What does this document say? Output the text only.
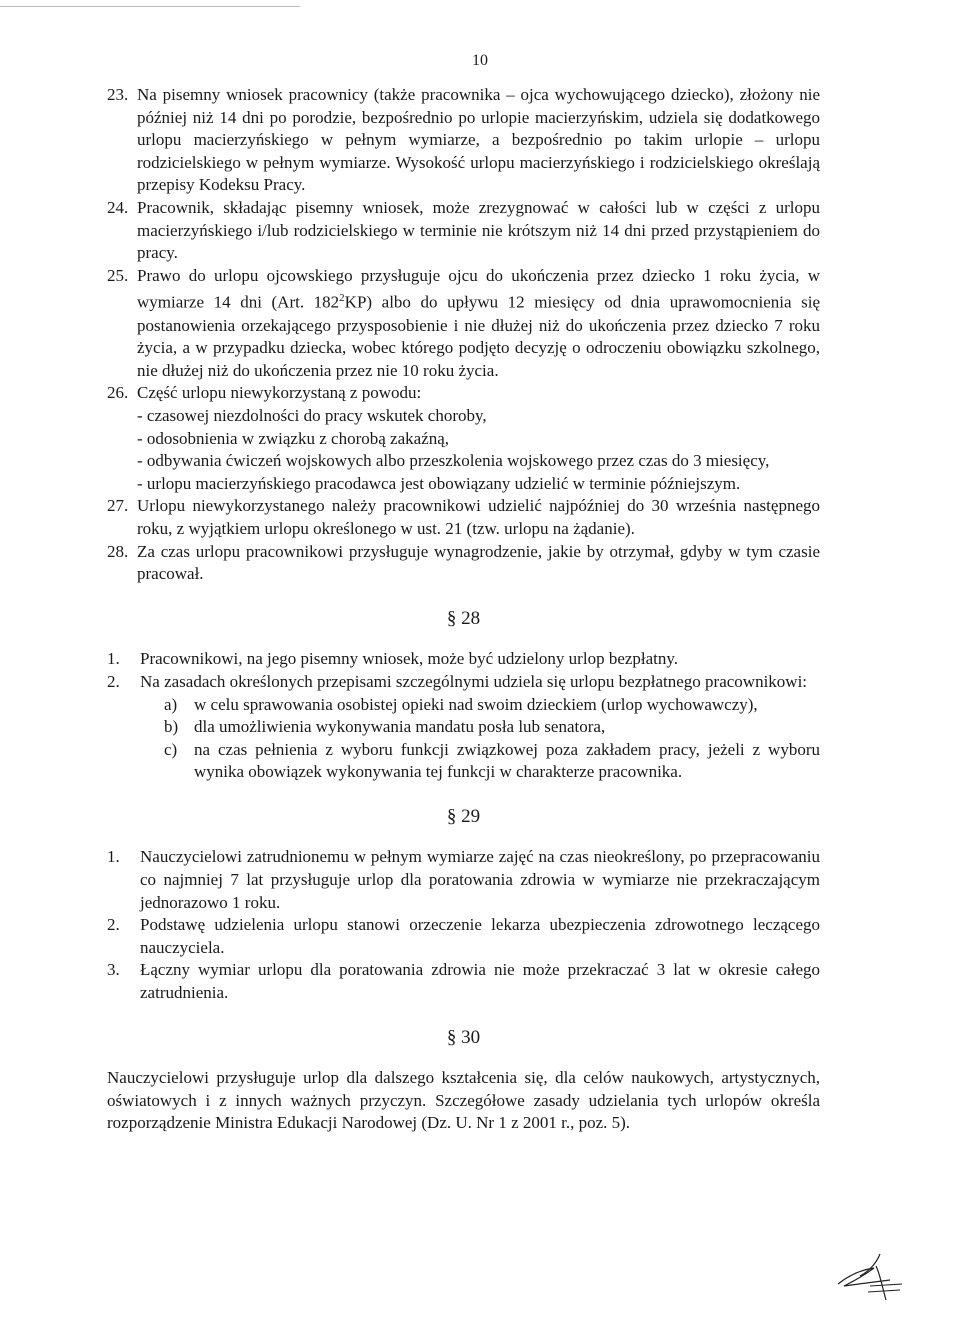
10
23. Na pisemny wniosek pracownicy (także pracownika – ojca wychowującego dziecko), złożony nie później niż 14 dni po porodzie, bezpośrednio po urlopie macierzyńskim, udziela się dodatkowego urlopu macierzyńskiego w pełnym wymiarze, a bezpośrednio po takim urlopie – urlopu rodzicielskiego w pełnym wymiarze. Wysokość urlopu macierzyńskiego i rodzicielskiego określają przepisy Kodeksu Pracy.
24. Pracownik, składając pisemny wniosek, może zrezygnować w całości lub w części z urlopu macierzyńskiego i/lub rodzicielskiego w terminie nie krótszym niż 14 dni przed przystąpieniem do pracy.
25. Prawo do urlopu ojcowskiego przysługuje ojcu do ukończenia przez dziecko 1 roku życia, w wymiarze 14 dni (Art. $182^2KP$) albo do upływu 12 miesięcy od dnia uprawomocnienia się postanowienia orzekającego przysposobienie i nie dłużej niż do ukończenia przez dziecko 7 roku życia, a w przypadku dziecka, wobec którego podjęto decyzję o odroczeniu obowiązku szkolnego, nie dłużej niż do ukończenia przez nie 10 roku życia.
26. Część urlopu niewykorzystaną z powodu:
- czasowej niezdolności do pracy wskutek choroby,
- odosobnienia w związku z chorobą zakaźną,
- odbywania ćwiczeń wojskowych albo przeszkolenia wojskowego przez czas do 3 miesięcy,
- urlopu macierzyńskiego pracodawca jest obowiązany udzielić w terminie późniejszym.
27. Urlopu niewykorzystanego należy pracownikowi udzielić najpóźniej do 30 września następnego roku, z wyjątkiem urlopu określonego w ust. 21 (tzw. urlopu na żądanie).
28. Za czas urlopu pracownikowi przysługuje wynagrodzenie, jakie by otrzymał, gdyby w tym czasie pracował.
§ 28
1.	Pracownikowi, na jego pisemny wniosek, może być udzielony urlop bezpłatny.
2.	Na zasadach określonych przepisami szczególnymi udziela się urlopu bezpłatnego pracownikowi:
a) w celu sprawowania osobistej opieki nad swoim dzieckiem (urlop wychowawczy),
b) dla umożliwienia wykonywania mandatu posła lub senatora,
c) na czas pełnienia z wyboru funkcji związkowej poza zakładem pracy, jeżeli z wyboru wynika obowiązek wykonywania tej funkcji w charakterze pracownika.
§ 29
1.	Nauczycielowi zatrudnionemu w pełnym wymiarze zajęć na czas nieokreślony, po przepracowaniu co najmniej 7 lat przysługuje urlop dla poratowania zdrowia w wymiarze nie przekraczającym jednorazowo 1 roku.
2.	Podstawę udzielenia urlopu stanowi orzeczenie lekarza ubezpieczenia zdrowotnego leczącego nauczyciela.
3.	Łączny wymiar urlopu dla poratowania zdrowia nie może przekraczać 3 lat w okresie całego zatrudnienia.
§ 30

Nauczycielowi przysługuje urlop dla dalszego kształcenia się, dla celów naukowych, artystycznych, oświatowych i z innych ważnych przyczyn. Szczegółowe zasady udzielania tych urlopów określa rozporządzenie Ministra Edukacji Narodowej (Dz. U. Nr 1 z 2001 r., poz. 5).
